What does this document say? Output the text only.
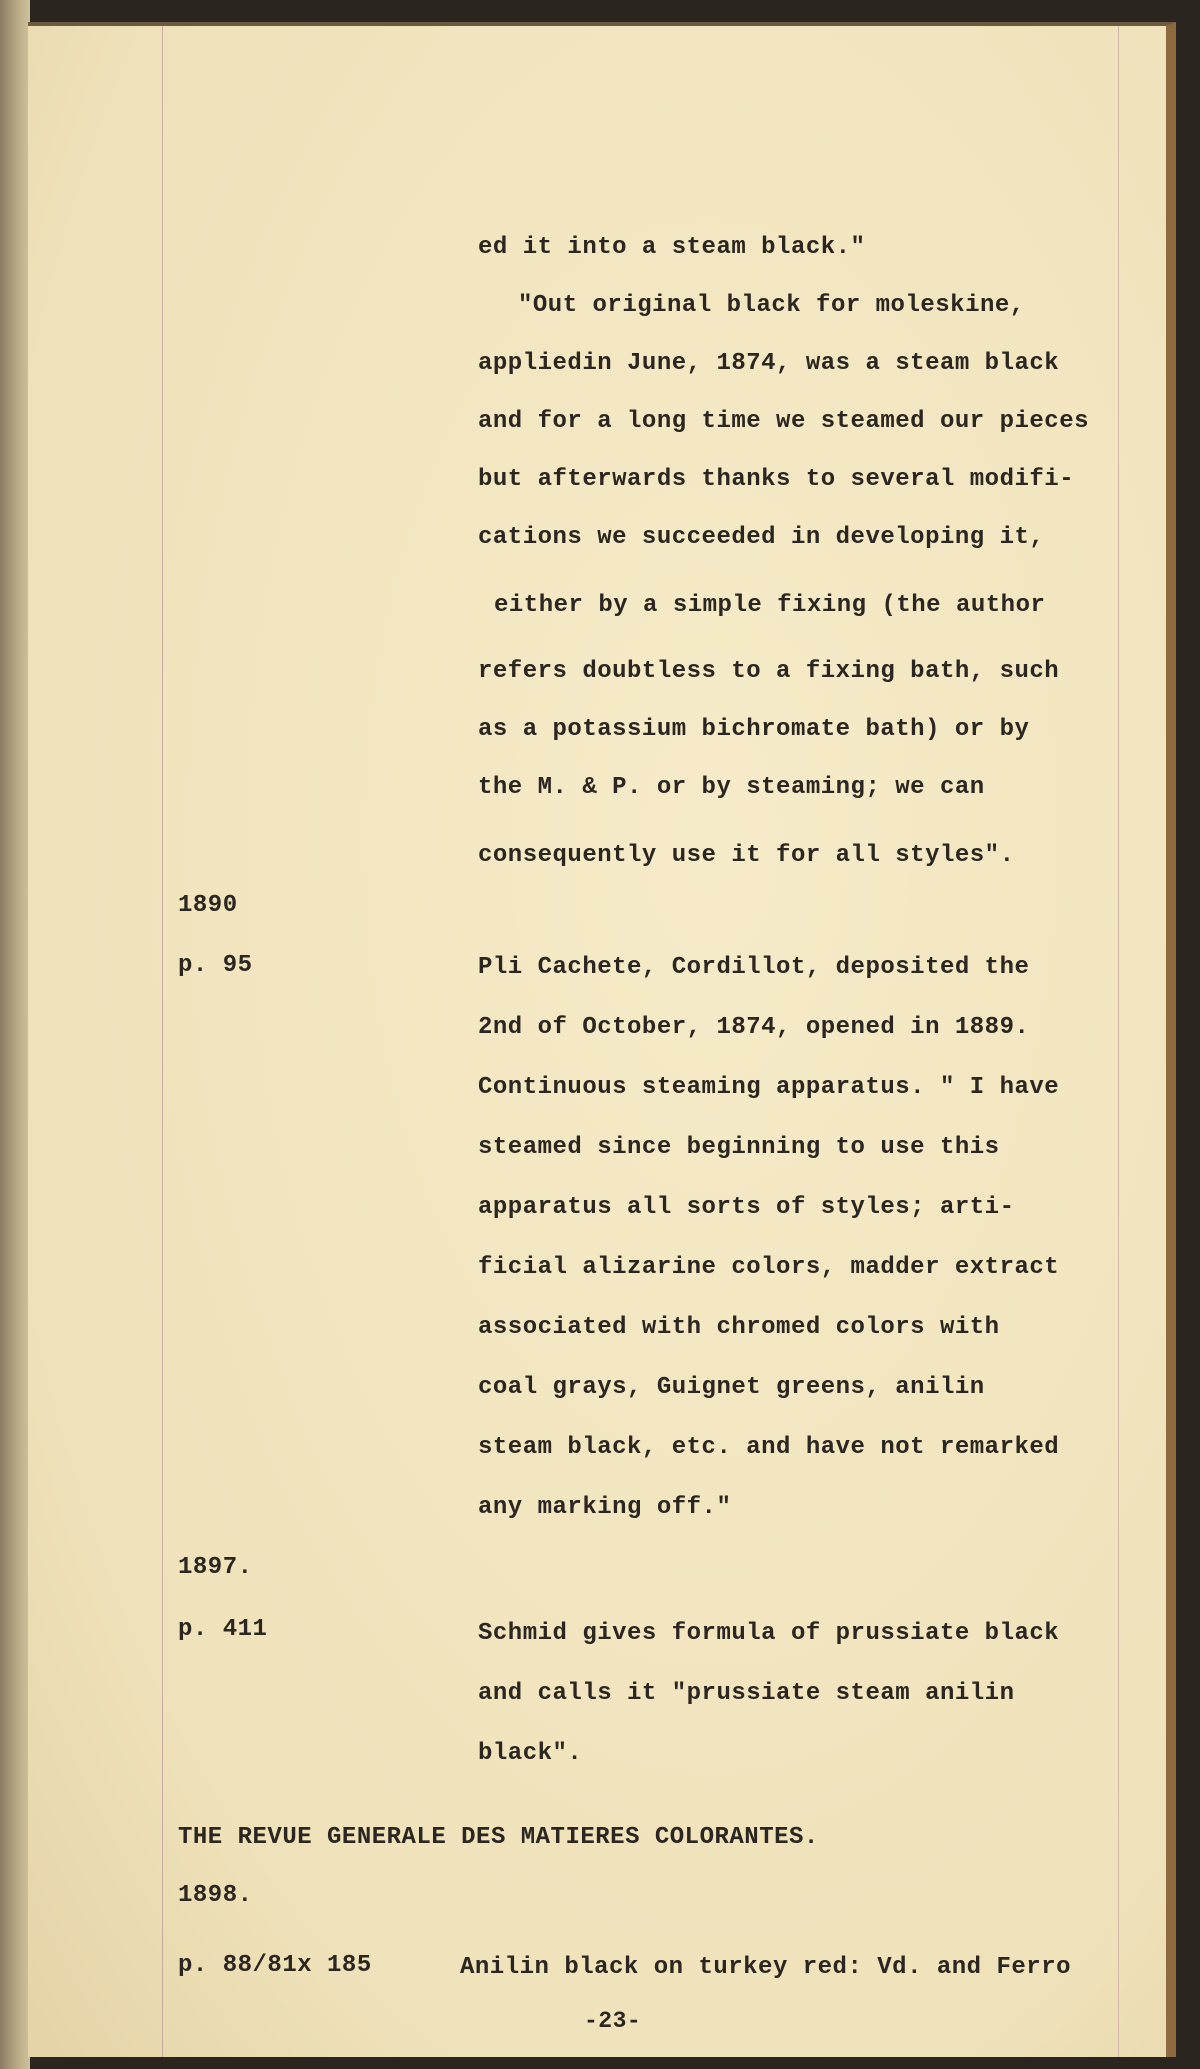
ed it into a steam black."
"Out original black for moleskine,
appliedin June, 1874, was a steam black
and for a long time we steamed our pieces
but afterwards thanks to several modifi-
cations we succeeded in developing it,
either by a simple fixing (the author
refers doubtless to a fixing bath, such
as a potassium bichromate bath) or by
the M. & P. or by steaming; we can
consequently use it for all styles".
1890
p. 95	Pli Cachete, Cordillot, deposited the
2nd of October, 1874, opened in 1889.
Continuous steaming apparatus. " I have
steamed since beginning to use this
apparatus all sorts of styles; arti-
ficial alizarine colors, madder extract
associated with chromed colors with
coal grays, Guignet greens, anilin
steam black, etc. and have not remarked
any marking off."
1897.
p. 411	Schmid gives formula of prussiate black
and calls it "prussiate steam anilin
black".
THE REVUE GENERALE DES MATIERES COLORANTES.
1898.
p. 88/81x 185	Anilin black on turkey red: Vd. and Ferro
-23-
